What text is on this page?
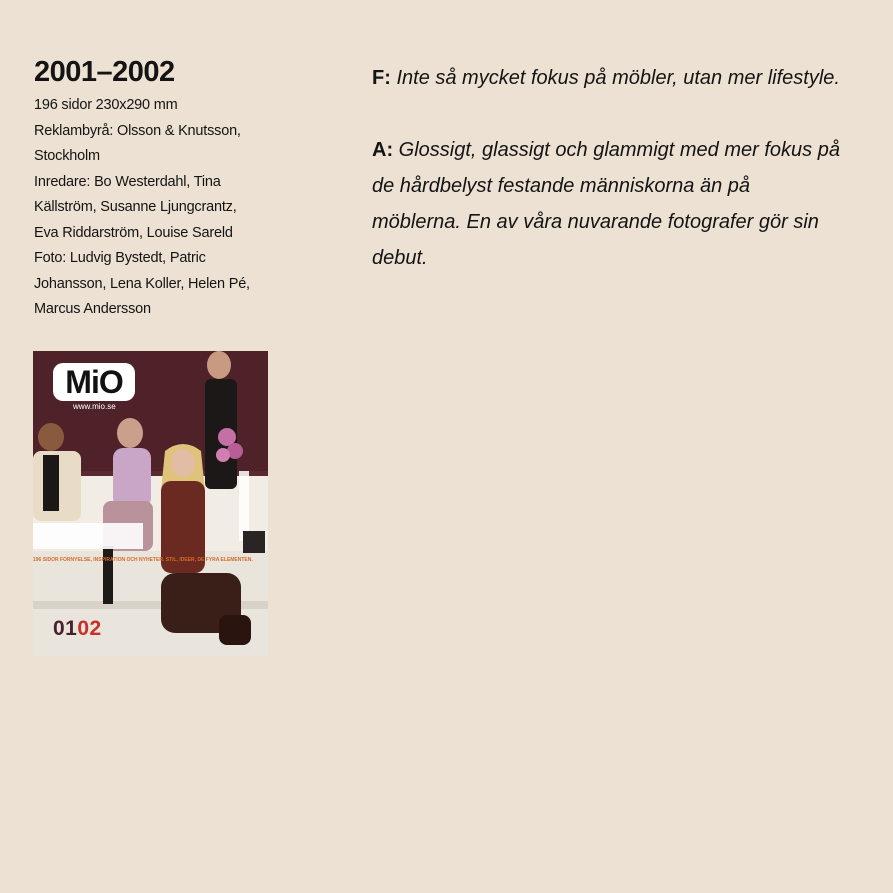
2001–2002
196 sidor 230x290 mm
Reklambyrå: Olsson & Knutsson,
Stockholm
Inredare: Bo Westerdahl, Tina
Källström, Susanne Ljungcrantz,
Eva Riddarström, Louise Sareld
Foto: Ludvig Bystedt, Patric
Johansson, Lena Koller, Helen Pé,
Marcus Andersson
MiO
www.mio.se
196 SIDOR FÖRNYELSE, INSPIRATION OCH NYHETER. STIL, IDÉER, DE FYRA ELEMENTEN.
0102

F: Inte så mycket fokus på möbler, utan mer lifestyle.

A: Glossigt, glassigt och glammigt med mer fokus på de hårdbelyst festande människorna än på möblerna. En av våra nuvarande fotografer gör sin debut.
